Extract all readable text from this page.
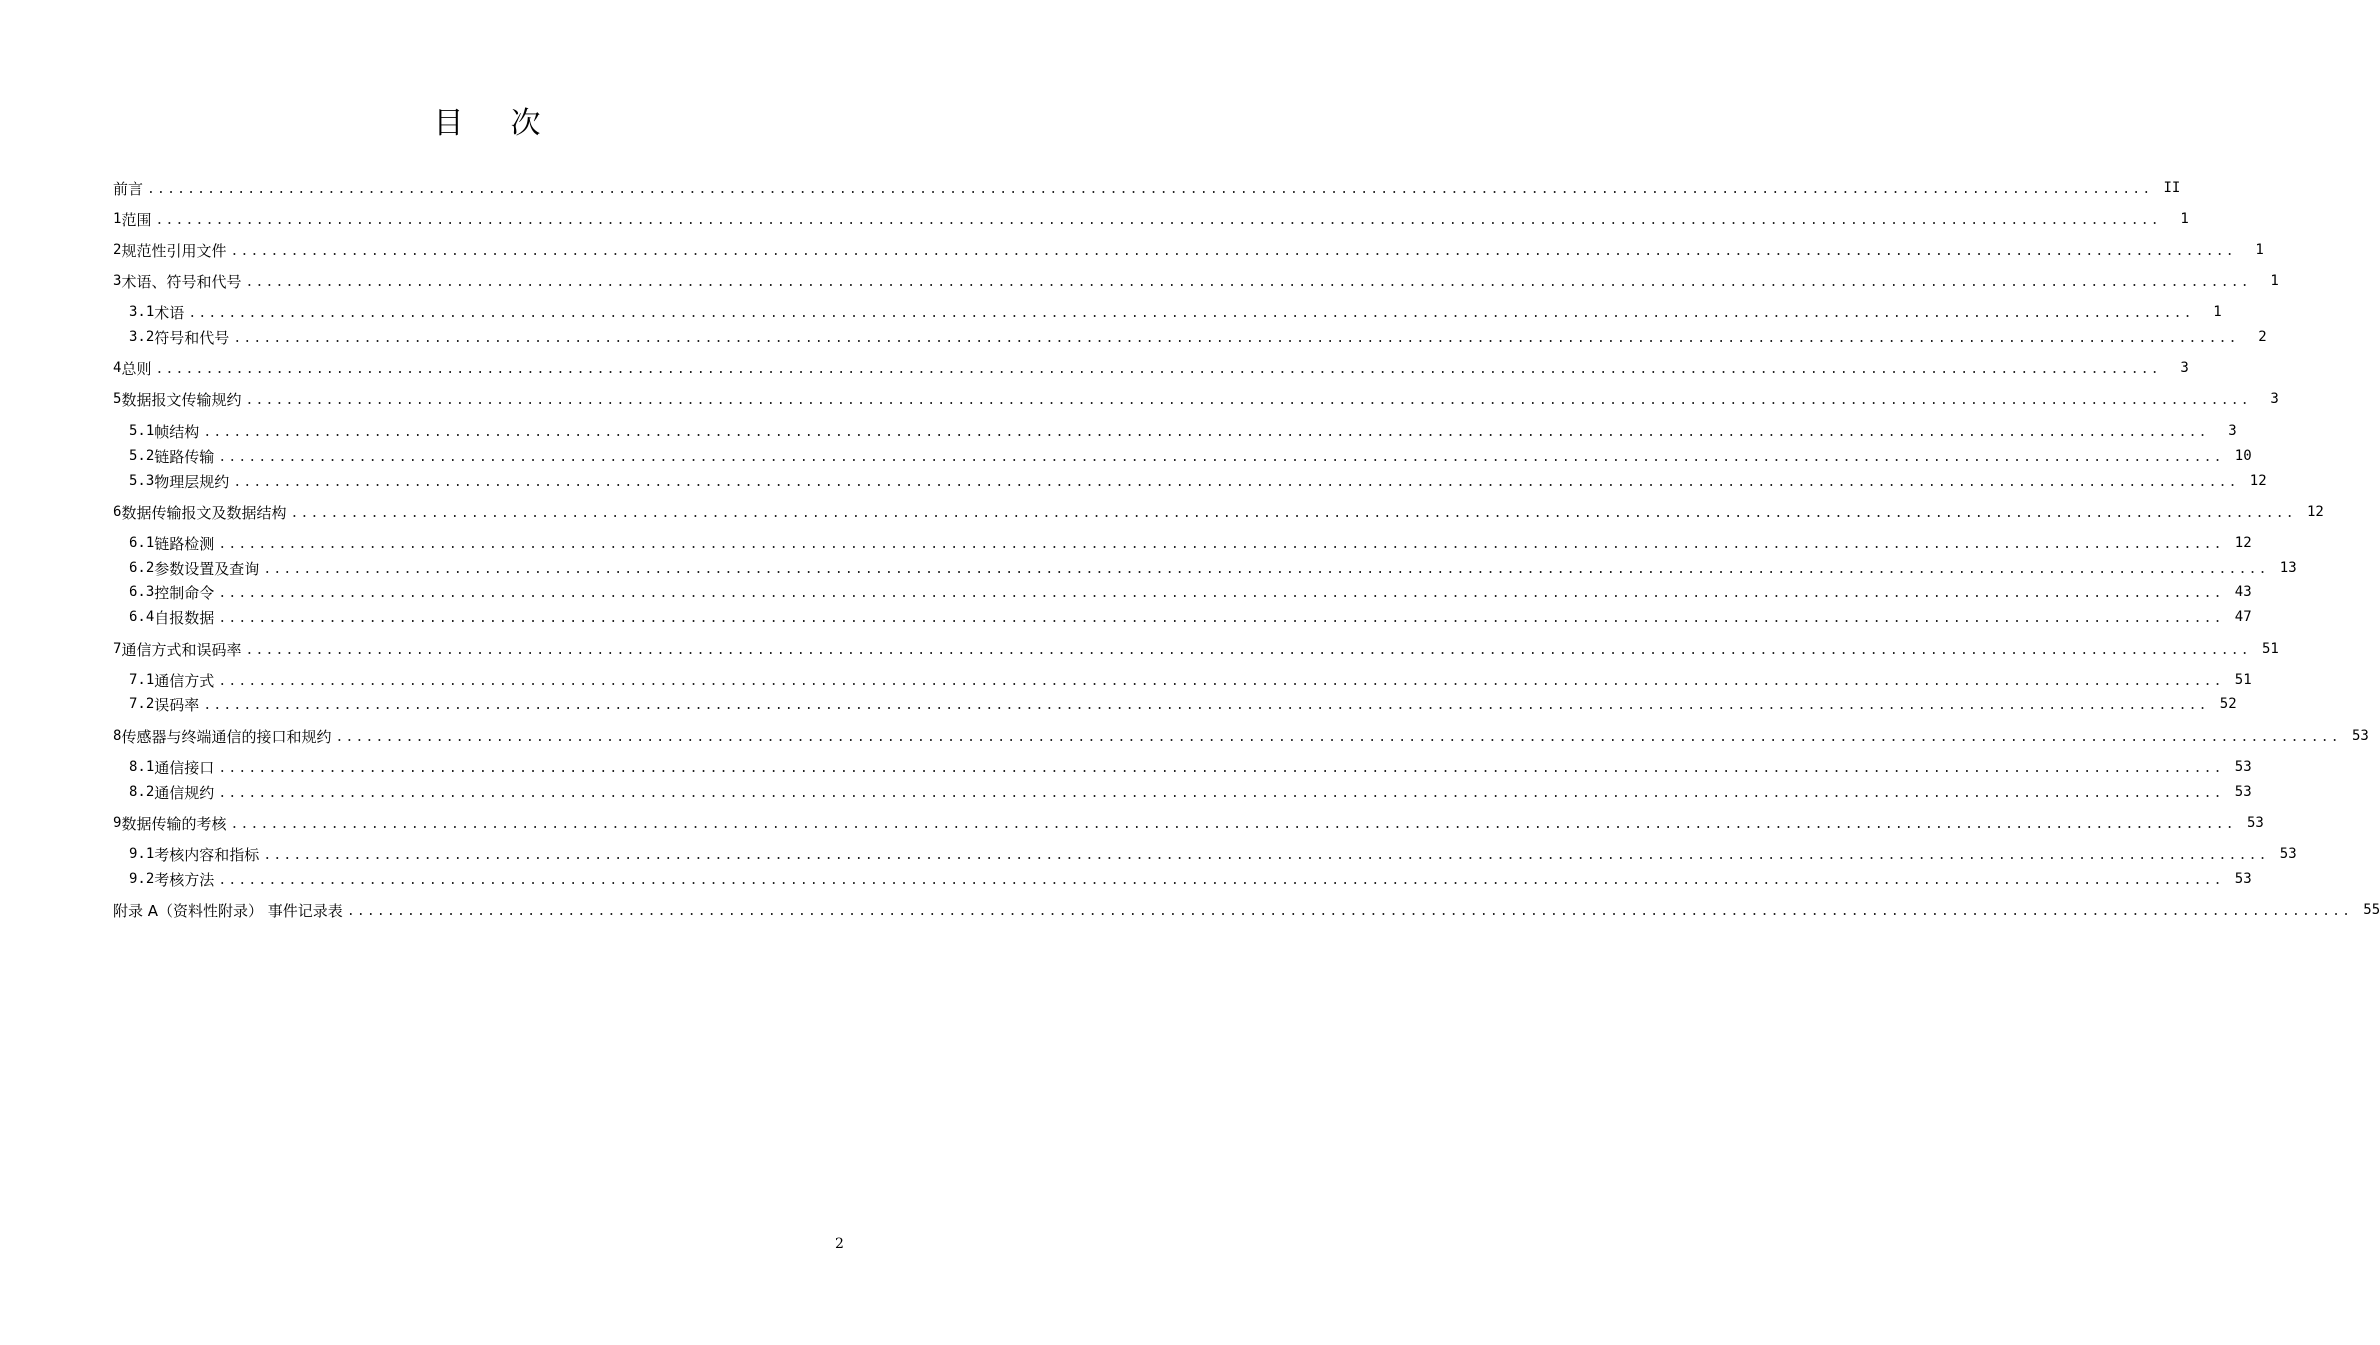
目 次
前言 ........................................................................................................................................................................................................ II
1 范围 ........................................................................................................................................................................................................	1
2 规范性引用文件 ........................................................................................................................................................................................................	1
3 术语、符号和代号 ........................................................................................................................................................................................................	1
3.1 术语 ........................................................................................................................................................................................................	1
3.2 符号和代号 ........................................................................................................................................................................................................	2
4 总则 ........................................................................................................................................................................................................	3
5 数据报文传输规约 ........................................................................................................................................................................................................	3
5.1 帧结构 ........................................................................................................................................................................................................	3
5.2 链路传输 ........................................................................................................................................................................................................ 10
5.3 物理层规约 ........................................................................................................................................................................................................ 12
6 数据传输报文及数据结构 ........................................................................................................................................................................................................ 12
6.1 链路检测 ........................................................................................................................................................................................................ 12
6.2 参数设置及查询 ........................................................................................................................................................................................................ 13
6.3 控制命令 ........................................................................................................................................................................................................ 43
6.4 自报数据 ........................................................................................................................................................................................................ 47
7 通信方式和误码率 ........................................................................................................................................................................................................ 51
7.1 通信方式 ........................................................................................................................................................................................................ 51
7.2 误码率 ........................................................................................................................................................................................................ 52
8 传感器与终端通信的接口和规约 ........................................................................................................................................................................................................ 53
8.1 通信接口 ........................................................................................................................................................................................................ 53
8.2 通信规约 ........................................................................................................................................................................................................ 53
9 数据传输的考核 ........................................................................................................................................................................................................ 53
9.1 考核内容和指标 ........................................................................................................................................................................................................ 53
9.2 考核方法 ........................................................................................................................................................................................................ 53
附录 A（资料性附录） 事件记录表 ........................................................................................................................................................................................................ 55
2
